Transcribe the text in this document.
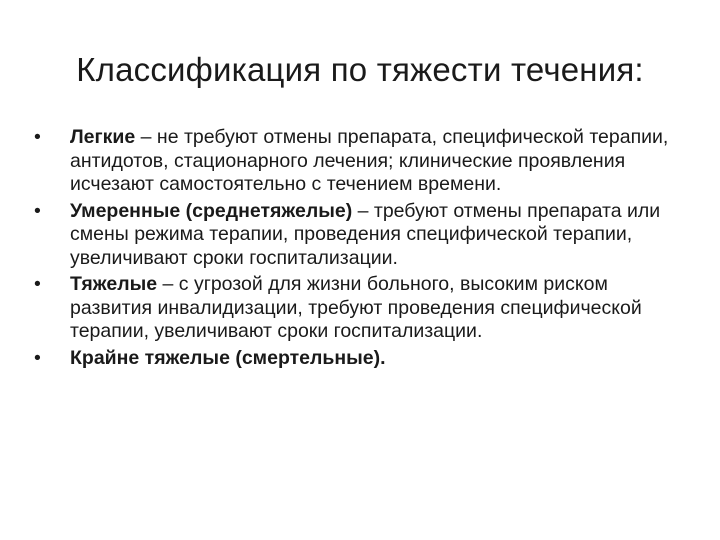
Классификация по тяжести течения:
•	Легкие – не требуют отмены препарата, специфической терапии, антидотов, стационарного лечения; клинические проявления исчезают самостоятельно с течением времени.
•	Умеренные (среднетяжелые) – требуют отмены препарата или смены режима терапии, проведения специфической терапии, увеличивают сроки госпитализации.
•	Тяжелые – с угрозой для жизни больного, высоким риском развития инвалидизации, требуют проведения специфической терапии, увеличивают сроки госпитализации.
•	Крайне тяжелые (смертельные).
